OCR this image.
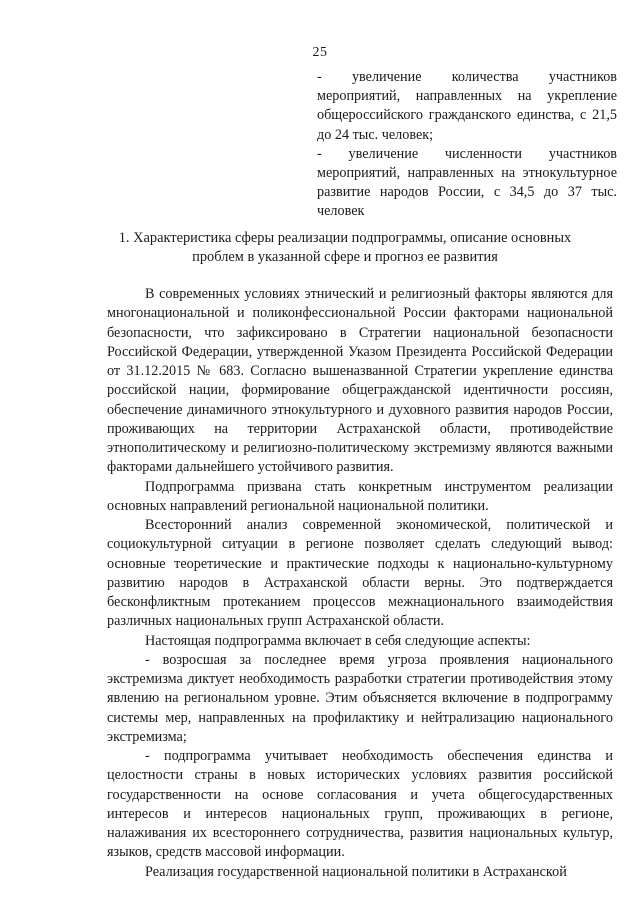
25

- увеличение количества участников мероприятий, направленных на укрепление общероссийского гражданского единства, с 21,5 до 24 тыс. человек;

- увеличение численности участников мероприятий, направленных на этнокультурное развитие народов России, с 34,5 до 37 тыс. человек

1. Характеристика сферы реализации подпрограммы, описание основных

проблем в указанной сфере и прогноз ее развития

В современных условиях этнический и религиозный факторы являются для многонациональной и поликонфессиональной России факторами национальной безопасности, что зафиксировано в Стратегии национальной безопасности Российской Федерации, утвержденной Указом Президента Российской Федерации от 31.12.2015 № 683. Согласно вышеназванной Стратегии укрепление единства российской нации, формирование общегражданской идентичности россиян, обеспечение динамичного этнокультурного и духовного развития народов России, проживающих на территории Астраханской области, противодействие этнополитическому и религиозно-политическому экстремизму являются важными факторами дальнейшего устойчивого развития.

Подпрограмма призвана стать конкретным инструментом реализации основных направлений региональной национальной политики.

Всесторонний анализ современной экономической, политической и социокультурной ситуации в регионе позволяет сделать следующий вывод: основные теоретические и практические подходы к национально-культурному развитию народов в Астраханской области верны. Это подтверждается бесконфликтным протеканием процессов межнационального взаимодействия различных национальных групп Астраханской области.

Настоящая подпрограмма включает в себя следующие аспекты:

- возросшая за последнее время угроза проявления национального экстремизма диктует необходимость разработки стратегии противодействия этому явлению на региональном уровне. Этим объясняется включение в подпрограмму системы мер, направленных на профилактику и нейтрализацию национального экстремизма;

- подпрограмма учитывает необходимость обеспечения единства и целостности страны в новых исторических условиях развития российской государственности на основе согласования и учета общегосударственных интересов и интересов национальных групп, проживающих в регионе, налаживания их всестороннего сотрудничества, развития национальных культур, языков, средств массовой информации.

Реализация государственной национальной политики в Астраханской
